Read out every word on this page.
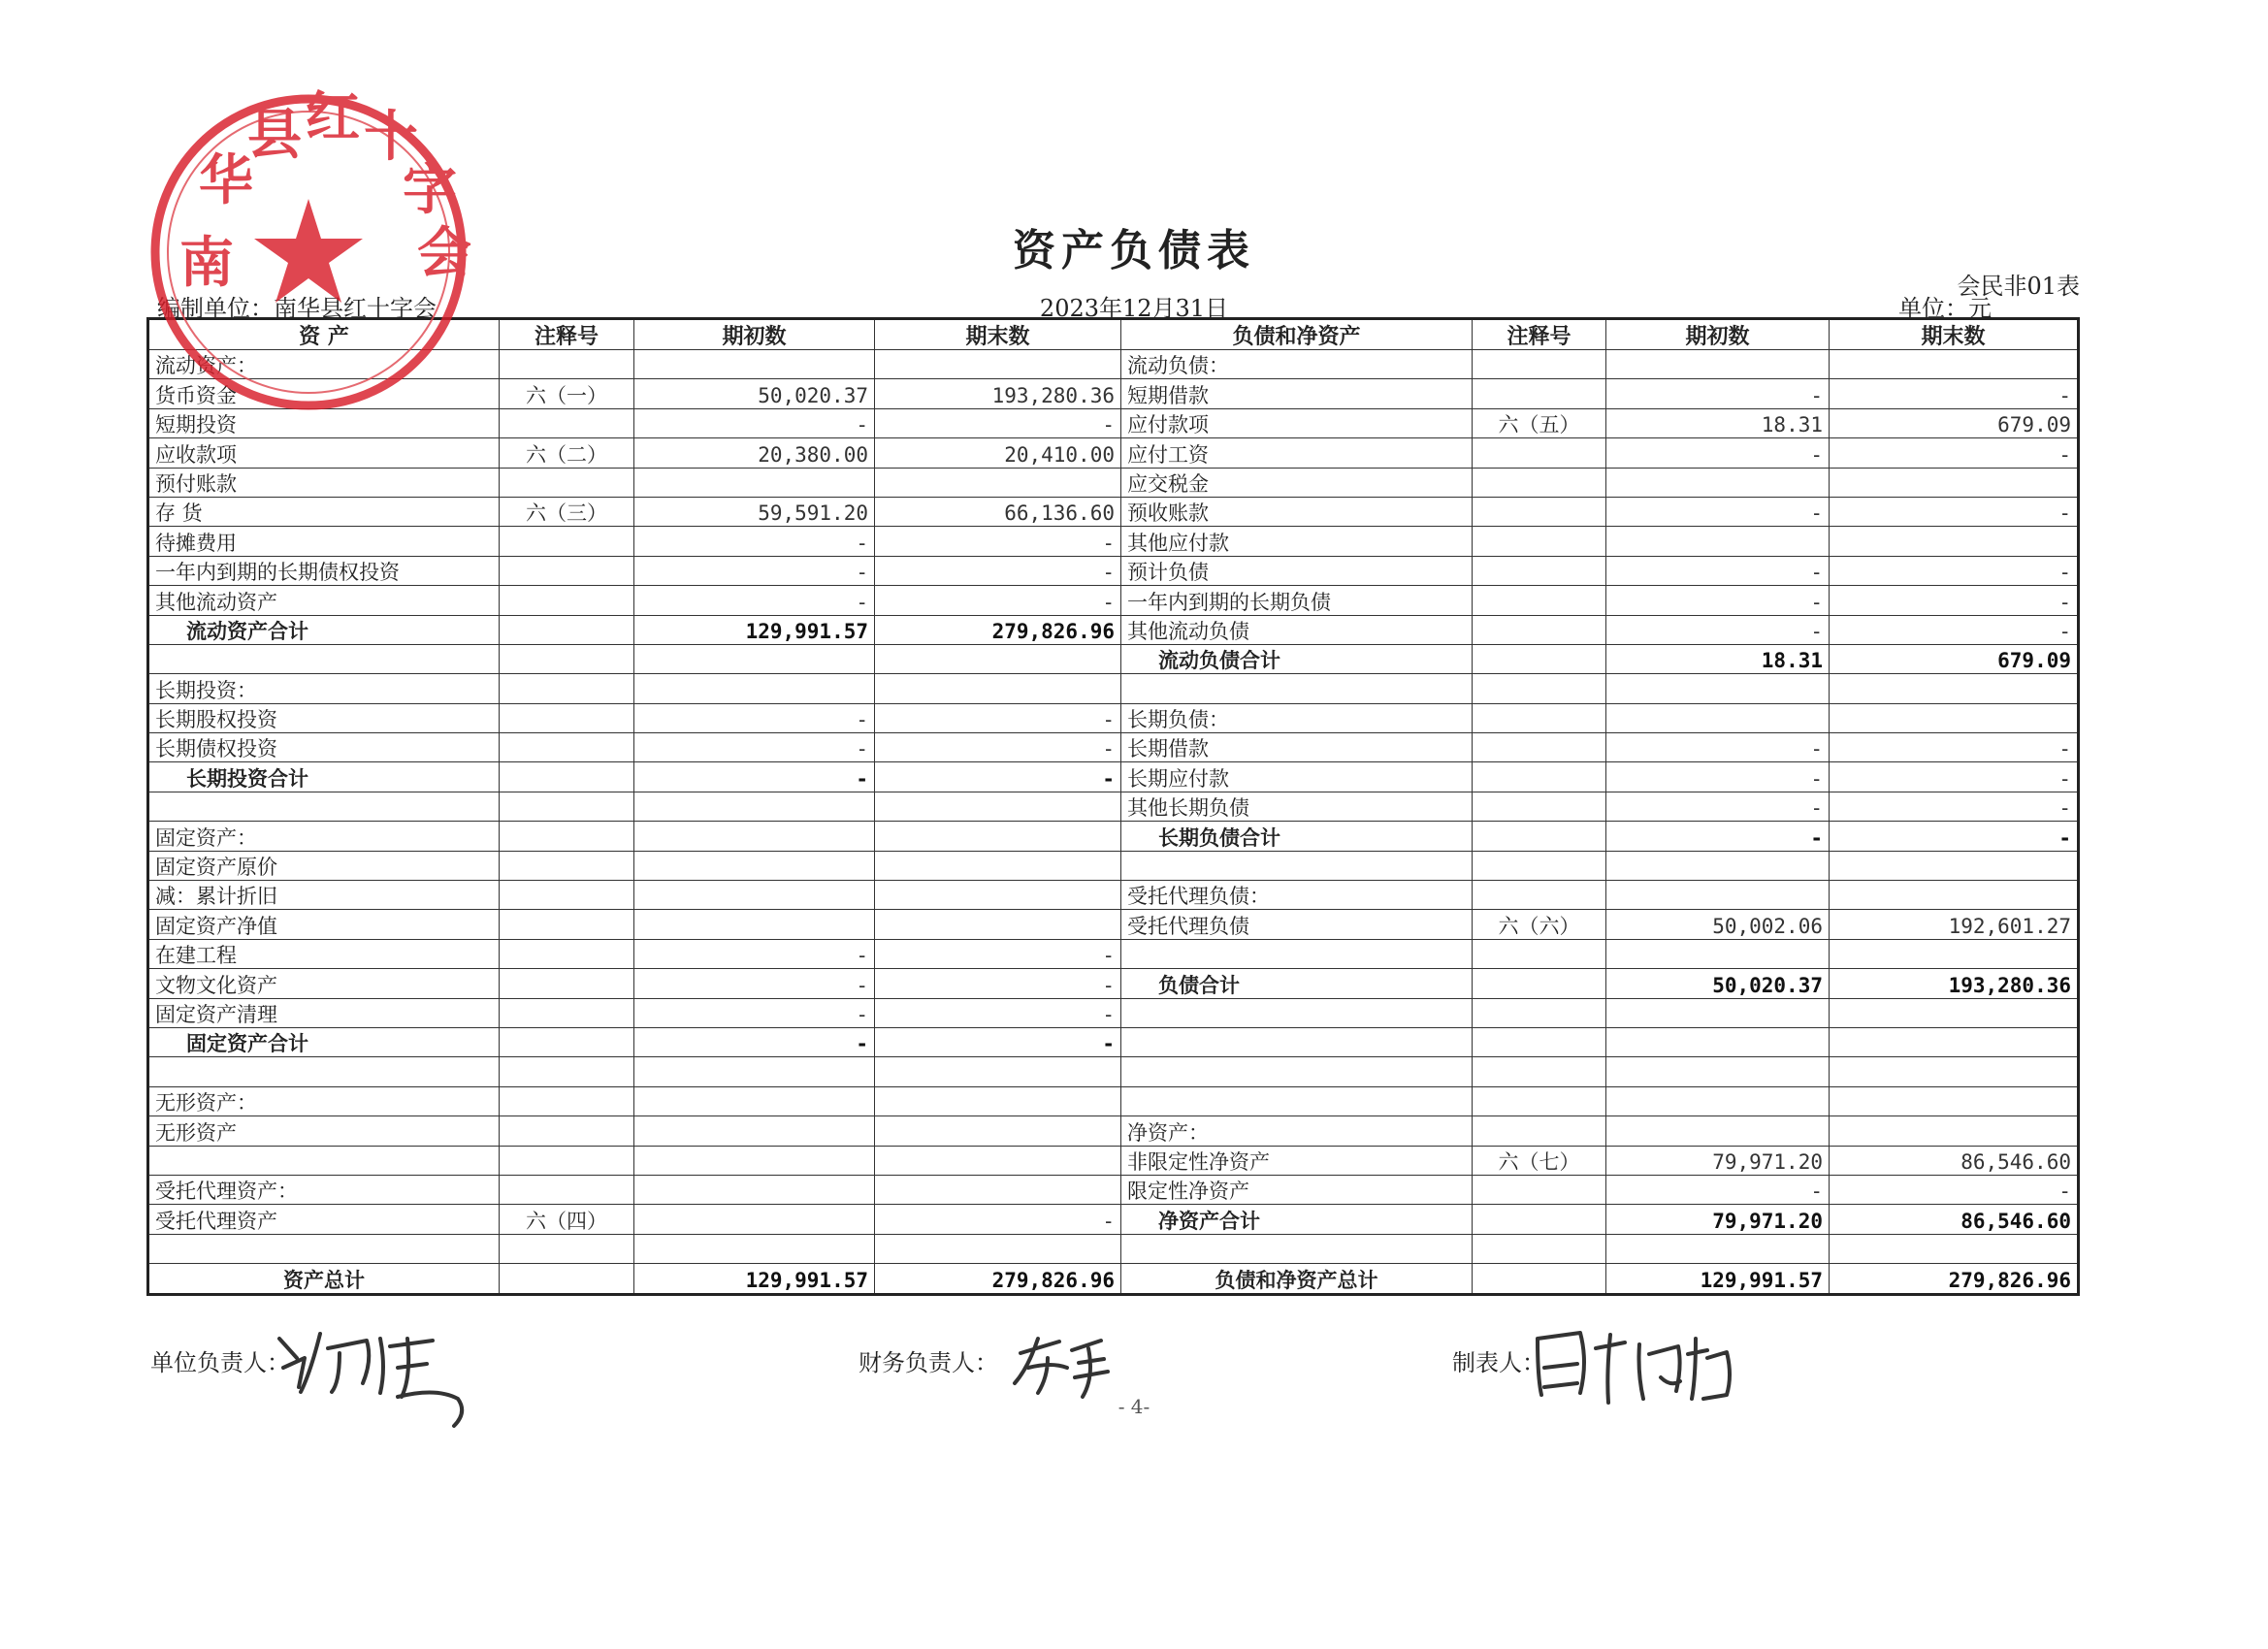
资产负债表
会民非01表
编制单位：南华县红十字会	2023年12月31日	单位：元
资 产	注释号	期初数	期末数	负债和净资产	注释号	期初数	期末数
流动资产：				流动负债：			
货币资金	六（一）	50,020.37	193,280.36	短期借款		-	-
短期投资		-	-	应付款项	六（五）	18.31	679.09
应收款项	六（二）	20,380.00	20,410.00	应付工资		-	-
预付账款				应交税金			
存 货	六（三）	59,591.20	66,136.60	预收账款		-	-
待摊费用		-	-	其他应付款			
一年内到期的长期债权投资		-	-	预计负债		-	-
其他流动资产		-	-	一年内到期的长期负债		-	-
流动资产合计		129,991.57	279,826.96	其他流动负债		-	-
				流动负债合计		18.31	679.09
长期投资：							
长期股权投资		-	-	长期负债：			
长期债权投资		-	-	长期借款		-	-
长期投资合计		-	-	长期应付款		-	-
				其他长期负债		-	-
固定资产：				长期负债合计		-	-
固定资产原价							
减：累计折旧				受托代理负债：			
固定资产净值				受托代理负债	六（六）	50,002.06	192,601.27
在建工程		-	-				
文物文化资产		-	-	负债合计		50,020.37	193,280.36
固定资产清理		-	-				
固定资产合计		-	-				

无形资产：							
无形资产				净资产：			
				非限定性净资产	六（七）	79,971.20	86,546.60
受托代理资产：				限定性净资产		-	-
受托代理资产	六（四）		-	净资产合计		79,971.20	86,546.60

资产总计		129,991.57	279,826.96	负债和净资产总计		129,991.57	279,826.96
单位负责人：	财务负责人：	制表人：
- 4-
南 华 县 红 十 字 会
